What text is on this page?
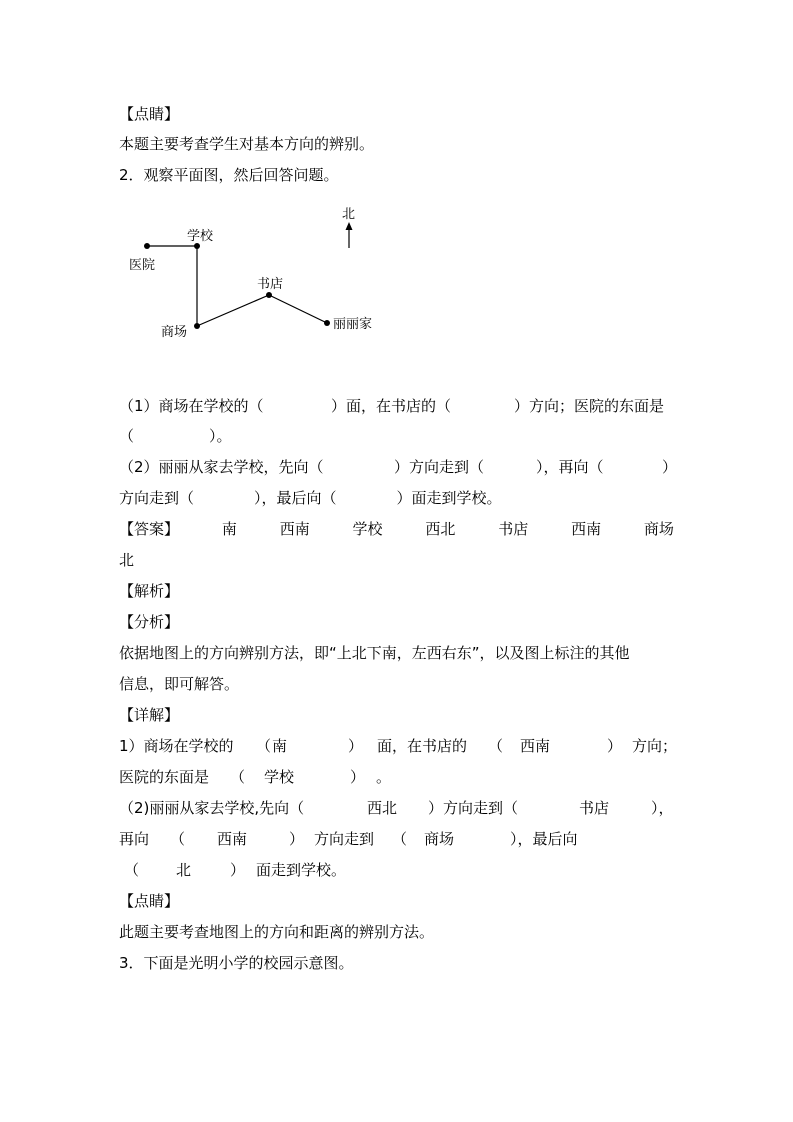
【点睛】
本题主要考查学生对基本方向的辨别。
2．观察平面图，然后回答问题。
学校
医院
书店
商场
丽丽家
北
（1）商场在学校的（	）面，在书店的（	）方向；医院的东面是
（　　　　　）。
（2）丽丽从家去学校，先向（	）方向走到（	），再向（	）
方向走到（　　　　），最后向（　　　　）面走到学校。
【答案】	南	西南	学校	西北	书店	西南	商场
北
【解析】
【分析】
依据地图上的方向辨别方法，即“上北下南，左西右东”，以及图上标注的其他
信息，即可解答。
【详解】
1）商场在学校的 （ 南	） 面，在书店的 （ 西南	） 方向；
医院的东面是 （ 学校	） 。
（2)丽丽从家去学校,先向（	西北 ）方向走到（	书店	），
再向 （ 西南	） 方向走到 （ 商场	），最后向
（ 北	） 面走到学校。
【点睛】
此题主要考查地图上的方向和距离的辨别方法。
3．下面是光明小学的校园示意图。
